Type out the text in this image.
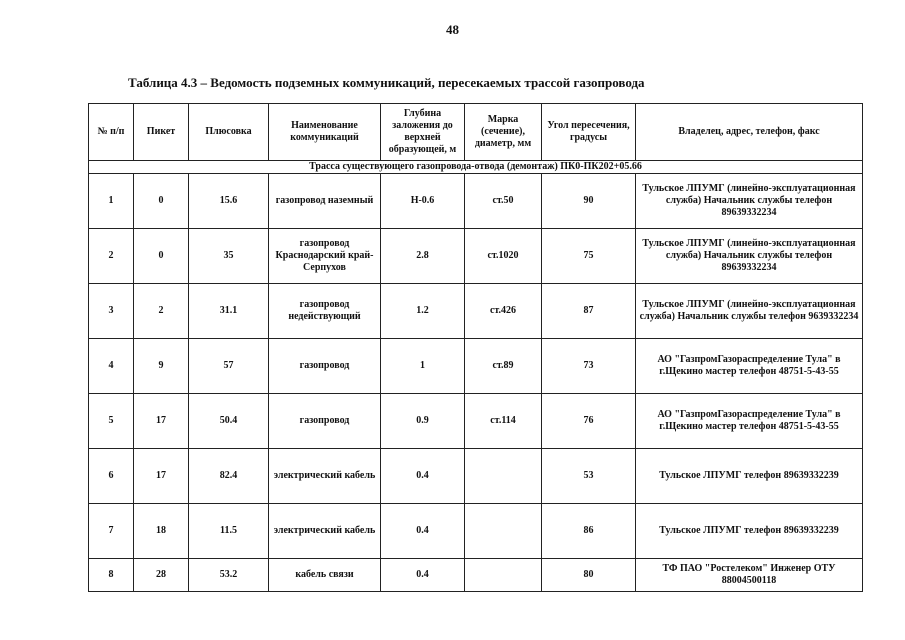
48
Таблица 4.3 – Ведомость подземных коммуникаций, пересекаемых трассой газопровода
№ п/п	Пикет	Плюсовка	Наименование коммуникаций	Глубина заложения до верхней образующей, м	Марка (сечение), диаметр, мм	Угол пересечения, градусы	Владелец, адрес, телефон, факс
Трасса существующего газопровода-отвода (демонтаж) ПК0-ПК202+05.66							
1	0	15.6	газопровод наземный	Н-0.6	ст.50	90	Тульское ЛПУМГ (линейно-эксплуатационная служба) Начальник службы телефон 89639332234
2	0	35	газопровод Краснодарский край-Серпухов	2.8	ст.1020	75	Тульское ЛПУМГ (линейно-эксплуатационная служба) Начальник службы телефон 89639332234
3	2	31.1	газопровод недействующий	1.2	ст.426	87	Тульское ЛПУМГ (линейно-эксплуатационная служба) Начальник службы телефон 9639332234
4	9	57	газопровод	1	ст.89	73	АО "ГазпромГазораспределение Тула" в г.Щекино мастер телефон 48751-5-43-55
5	17	50.4	газопровод	0.9	ст.114	76	АО "ГазпромГазораспределение Тула" в г.Щекино мастер телефон 48751-5-43-55
6	17	82.4	электрический кабель	0.4		53	Тульское ЛПУМГ телефон 89639332239
7	18	11.5	электрический кабель	0.4		86	Тульское ЛПУМГ телефон 89639332239
8	28	53.2	кабель связи	0.4		80	ТФ ПАО "Ростелеком" Инженер ОТУ 88004500118
